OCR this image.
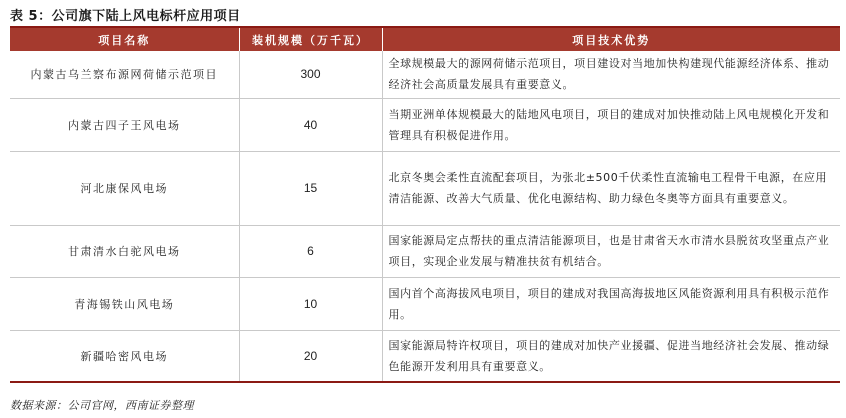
表 5：公司旗下陆上风电标杆应用项目
项目名称	装机规模（万千瓦）	项目技术优势
内蒙古乌兰察布源网荷储示范项目	300	全球规模最大的源网荷储示范项目，项目建设对当地加快构建现代能源经济体系、推动经济社会高质量发展具有重要意义。
内蒙古四子王风电场	40	当期亚洲单体规模最大的陆地风电项目，项目的建成对加快推动陆上风电规模化开发和管理具有积极促进作用。
河北康保风电场	15	北京冬奥会柔性直流配套项目，为张北±500千伏柔性直流输电工程骨干电源，在应用清洁能源、改善大气质量、优化电源结构、助力绿色冬奥等方面具有重要意义。
甘肃清水白驼风电场	6	国家能源局定点帮扶的重点清洁能源项目，也是甘肃省天水市清水县脱贫攻坚重点产业项目，实现企业发展与精准扶贫有机结合。
青海锡铁山风电场	10	国内首个高海拔风电项目，项目的建成对我国高海拔地区风能资源利用具有积极示范作用。
新疆哈密风电场	20	国家能源局特许权项目，项目的建成对加快产业援疆、促进当地经济社会发展、推动绿色能源开发利用具有重要意义。
数据来源：公司官网，西南证券整理
